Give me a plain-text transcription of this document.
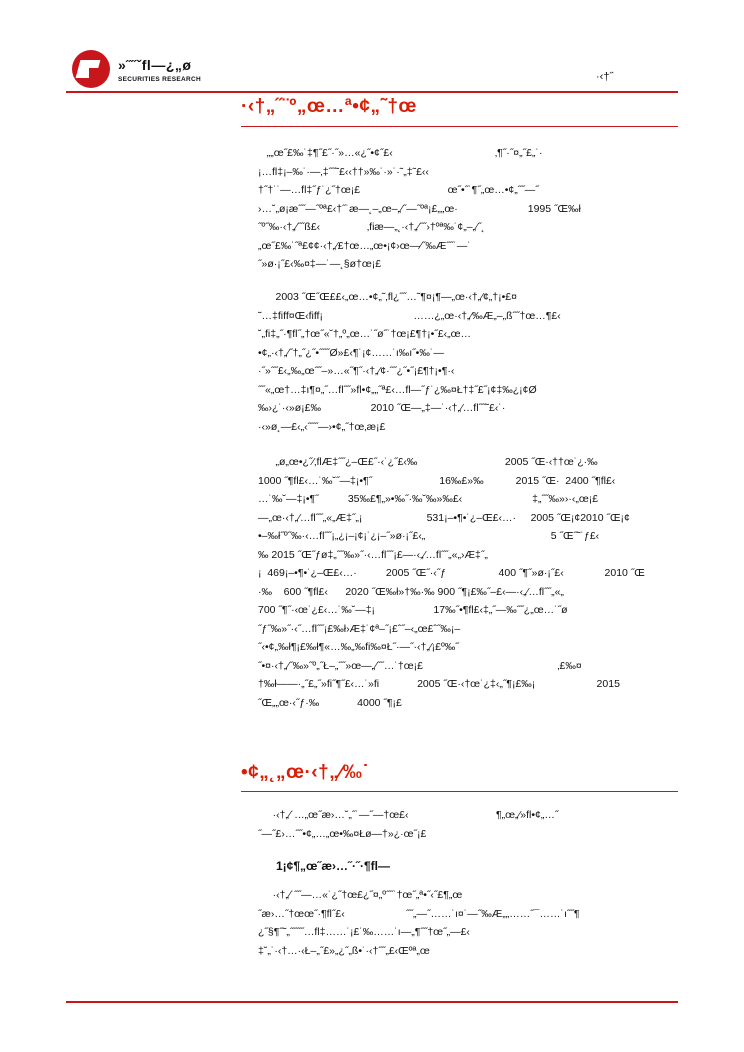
»˝˝ˇfl—¿„ø
SECURITIES RESEARCH	·‹†˝
·‹†„˝¨º„œ…ª•¢„˜†œ
„„œ˝£‰˙‡¶˝£˝·˝»…«¿˝•¢˝£‹                                   ‚¶˝·˝¤„˝£„˙·
¡…fl‡¡–‰˙·—‚‡˝˝˜£‹‹††»‰˙·»˙·˜„‡˜£‹‹
†˝†˙˙—…fl‡˝ƒ˙¿˝†œ¡£                              œ˝•˝˙¶˝„œ…•¢„˝˝—˝
›…˘„ø¡æ˝˝—˝ºª£‹†˝˙æ—˛–„œ–„⁄˝—˝ºª¡£„„œ·                        1995 ˝Œ‰ł
˝º˝‰·‹†„⁄˝˝ß£‹                ‚fiæ—„˛·‹†„⁄˝˝›†ºª‰˙¢„–„⁄˝˛
„œ˝£‰˙˝ª£¢¢·‹†„⁄£†œ…„œ•¡¢›œ—⁄˝‰Æ˝˝˙—˙
˝»ø·¡˝£‹‰¤‡—˙—˛§ø†œ¡£
2003 ˝Œ˝Œ££‹„œ…•¢„˜‚fl¿˝˝…˜¶¤¡¶—„œ·‹†„⁄¢„†¡•£¤
˜…‡fiff¤Œ‹fiff¡                               ……¿„œ·‹†„⁄‰Æ„–„ß˝˝†œ…¶£‹
˘„fi‡„˝·¶fl˝„†œ˝«˘†„º„œ…˙˝ø˝˙†œ¡£¶†¡•˝£‹„œ…
•¢„·‹†„⁄˝†„˝¿˝•˝˝˝Ø»£‹¶˙¡¢……˙ı‰ı˝•‰˙—
·˝»˝˝£‹„‰„œ˝˝–»…«˝¶˝·‹†„⁄¢·˝˝¿˝•˝¡£¶†¡•¶·‹
˝˝«„œ†…‡ı¶¤„˝…fl˝˝»fl•¢„„˝ª£‹…fl—˝ƒ˙¿‰¤Ł†‡˝£˝¡¢‡‰¿¡¢Ø
‰›¿˙·‹»ø¡£‰                 2010 ˝Œ—„‡—˙·‹†„⁄…fl˝˝˜£‹˙·
·‹»ø˛—£‹„‹˝˝˝—›•¢„˝†œ‚æ¡£
„ø„œ•¿˝⁄‚flÆ‡˝˝¿–Œ£˝·‹˙¿˝£‹‰                              2005 ˝Œ·‹††œ˙¿·‰
1000 ˝¶fl£‹…˙‰˘˝—‡¡•¶˝                       16‰£»‰           2015 ˝Œ·  2400 ˝¶fl£‹
…˙‰˘—‡¡•¶˝          35‰£¶„»•‰˝·‰˘‰»‰£‹                        ‡„˝˝‰»›·‹„œ¡£
—„œ·‹†„⁄…fl˝˝„«„Æ‡˝„¡                      531¡–•¶•˙¿–Œ£‹…·     2005 ˝Œ¡¢2010 ˝Œ¡¢
•–‰ł˝º˝‰·‹…fl˝˝¡„¿¡–¡¢¡˙¿¡–˝»ø·¡˝£‹„                                           5 ˝Œ˝˜˙ƒ£‹
‰ 2015 ˝Œ˝ƒø‡„˝˝‰»˝·‹…fl˝˝¡£—·‹„⁄…fl˝˝„«„›Æ‡˝„
¡  469¡–•¶•˙¿–Œ£‹…·          2005 ˝Œ˝·‹˝ƒ                  400 ˝¶˝»ø·¡˝£‹              2010 ˝Œ
·‰    600 ˝¶fl£‹      2020 ˝Œ‰ł»†‰·‰ 900 ˝¶¡£‰˝–£‹—·‹„⁄…fl˝˝„«„
700 ˝¶˝·‹œ˙¿£‹…˙‰˘—‡¡                    17‰˝•¶fl£‹‡„˝—‰˝˝¿„œ…˙˝ø
˝ƒ˝‰»˝·‹˝…fl˝˝¡£‰ł›Æ‡˙¢ª–˝¡£ˆ˝–‹„œ£ˆ˝‰¡–
˝‹•¢„‰ł¶¡£‰ł¶«…‰„‰fi‰¤Ł˝·—˝·‹†„⁄¡£º‰˝
˝•¤·‹†„⁄˝‰»˝º„˝Ł–„˝˝»œ—„⁄˝˝…˙†œ¡£                                              ‚£‰¤
†‰ł——·„˝£„˝»fi˝¶˝£‹…˙»fi             2005 ˝Œ·‹†œ˙¿‡‹„˝¶¡£‰¡                     2015
˝Œ„„œ·‹˝ƒ·‰             4000 ˝¶¡£
•¢„˛„œ·‹†„⁄‰˙
·‹†„⁄˙…„œ˝æ›…˘„˝˙—˝—†œ£‹                              ¶„œ„⁄»fl•¢„…˝
˝—˝£›…˝˝•¢„…„œ•‰¤Łø—†»¿·œ˝¡£
1¡¢¶„œ˝æ›…˝·˝·¶fl—
·‹†„⁄˙˝˝—…«˙¿˝†œ£¿˝¤„º˝˝˙†œ˝„ª•˝‹˝£¶„œ
˝æ›…˝†œœ˝·¶fl˝£‹                     ˝˝„—˝……˙ı¤˙—˝‰Æ„„……˝¯……˙ı˝˝¶
¿˝§¶˝˜„˝˝˝˝…fl‡……˙¡£˙‰……˙ı—„¶˝˝†œ˝„—£‹
‡˘„˙·‹†…·‹Ł–„˝£»„¿˝„ß•˙·‹†˝˝„£‹Œºª„œ
